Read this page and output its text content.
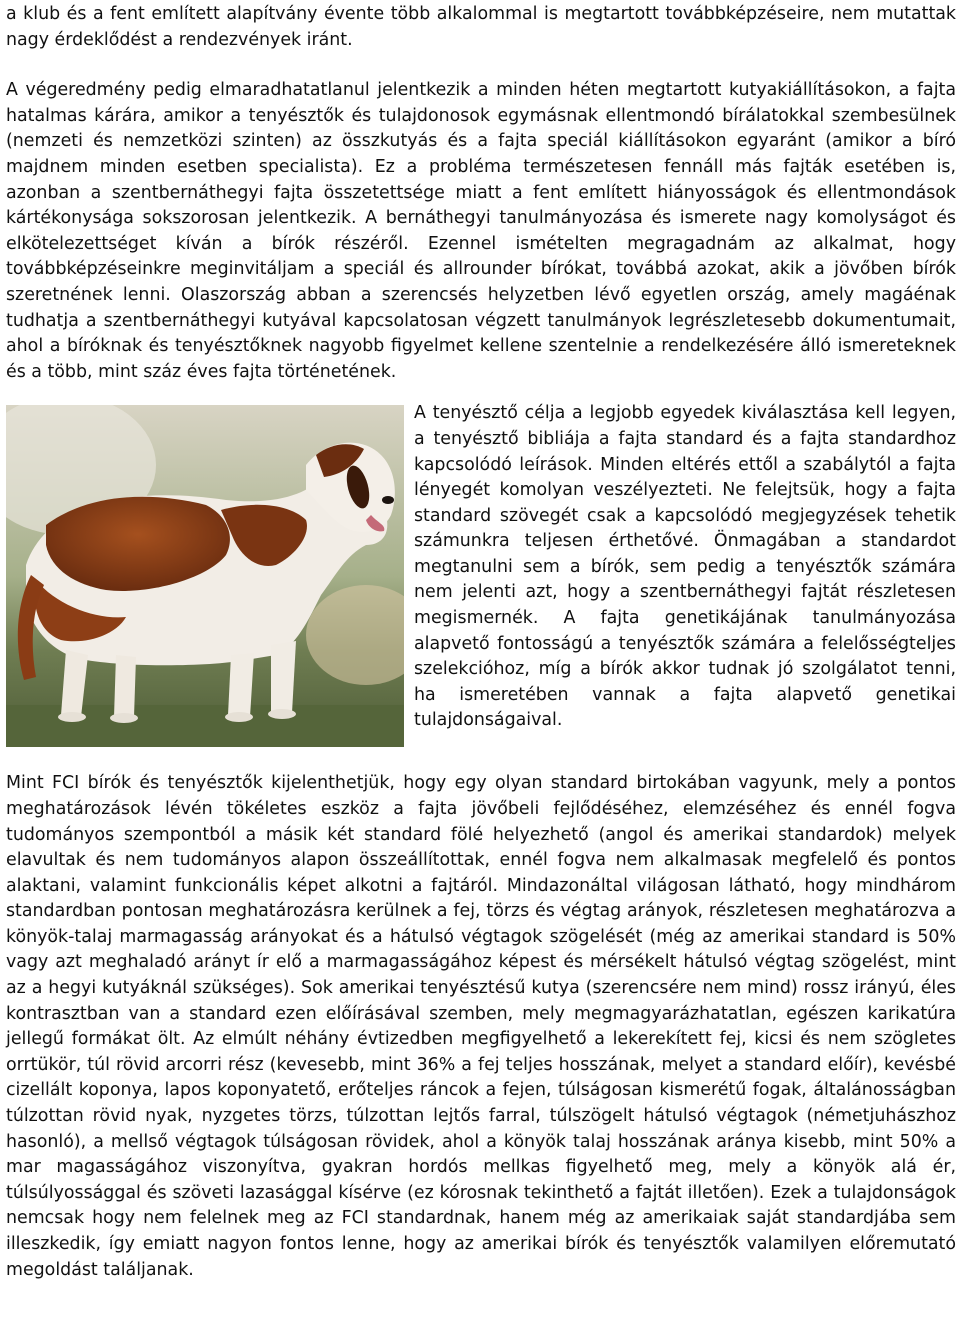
a klub és a fent említett alapítvány évente több alkalommal is megtartott továbbképzéseire, nem mutattak nagy érdeklődést a rendezvények iránt.

A végeredmény pedig elmaradhatatlanul jelentkezik a minden héten megtartott kutyakiállításokon, a fajta hatalmas kárára, amikor a tenyésztők és tulajdonosok egymásnak ellentmondó bírálatokkal szembesülnek (nemzeti és nemzetközi szinten) az összkutyás és a fajta speciál kiállításokon egyaránt (amikor a bíró majdnem minden esetben specialista). Ez a probléma természetesen fennáll más fajták esetében is, azonban a szentbernáthegyi fajta összetettsége miatt a fent említett hiányosságok és ellentmondások kártékonysága sokszorosan jelentkezik. A bernáthegyi tanulmányozása és ismerete nagy komolyságot és elkötelezettséget kíván a bírók részéről. Ezennel ismételten megragadnám az alkalmat, hogy továbbképzéseinkre meginvitáljam a speciál és allrounder bírókat, továbbá azokat, akik a jövőben bírók szeretnének lenni. Olaszország abban a szerencsés helyzetben lévő egyetlen ország, amely magáénak tudhatja a szentbernáthegyi kutyával kapcsolatosan végzett tanulmányok legrészletesebb dokumentumait, ahol a bíróknak és tenyésztőknek nagyobb figyelmet kellene szentelnie a rendelkezésére álló ismereteknek és a több, mint száz éves fajta történetének.

A tenyésztő célja a legjobb egyedek kiválasztása kell legyen, a tenyésztő bibliája a fajta standard és a fajta standardhoz kapcsolódó leírások. Minden eltérés ettől a szabálytól a fajta lényegét komolyan veszélyezteti. Ne felejtsük, hogy a fajta standard szövegét csak a kapcsolódó megjegyzések tehetik számunkra teljesen érthetővé. Önmagában a standardot megtanulni sem a bírók, sem pedig a tenyésztők számára nem jelenti azt, hogy a szentbernáthegyi fajtát részletesen megismernék. A fajta genetikájának tanulmányozása alapvető fontosságú a tenyésztők számára a felelősségteljes szelekcióhoz, míg a bírók akkor tudnak jó szolgálatot tenni, ha ismeretében vannak a fajta alapvető genetikai tulajdonságaival.

Mint FCI bírók és tenyésztők kijelenthetjük, hogy egy olyan standard birtokában vagyunk, mely a pontos meghatározások lévén tökéletes eszköz a fajta jövőbeli fejlődéséhez, elemzéséhez és ennél fogva tudományos szempontból a másik két standard fölé helyezhető (angol és amerikai standardok) melyek elavultak és nem tudományos alapon összeállítottak, ennél fogva nem alkalmasak megfelelő és pontos alaktani, valamint funkcionális képet alkotni a fajtáról. Mindazonáltal világosan látható, hogy mindhárom standardban pontosan meghatározásra kerülnek a fej, törzs és végtag arányok, részletesen meghatározva a könyök-talaj marmagasság arányokat és a hátulsó végtagok szögelését (még az amerikai standard is 50% vagy azt meghaladó arányt ír elő a marmagasságához képest és mérsékelt hátulsó végtag szögelést, mint az a hegyi kutyáknál szükséges). Sok amerikai tenyésztésű kutya (szerencsére nem mind) rossz irányú, éles kontrasztban van a standard ezen előírásával szemben, mely megmagyarázhatatlan, egészen karikatúra jellegű formákat ölt. Az elmúlt néhány évtizedben megfigyelhető a lekerekített fej, kicsi és nem szögletes orrtükör, túl rövid arcorri rész (kevesebb, mint 36% a fej teljes hosszának, melyet a standard előír), kevésbé cizellált koponya, lapos koponyatető, erőteljes ráncok a fejen, túlságosan kismerétű fogak, általánosságban túlzottan rövid nyak, nyzgetes törzs, túlzottan lejtős farral, túlszögelt hátulsó végtagok (németjuhászhoz hasonló), a mellső végtagok túlságosan rövidek, ahol a könyök talaj hosszának aránya kisebb, mint 50% a mar magasságához viszonyítva, gyakran hordós mellkas figyelhető meg, mely a könyök alá ér, túlsúlyossággal és szöveti lazasággal kísérve (ez kórosnak tekinthető a fajtát illetően). Ezek a tulajdonságok nemcsak hogy nem felelnek meg az FCI standardnak, hanem még az amerikaiak saját standardjába sem illeszkedik, így emiatt nagyon fontos lenne, hogy az amerikai bírók és tenyésztők valamilyen előremutató megoldást találjanak.
